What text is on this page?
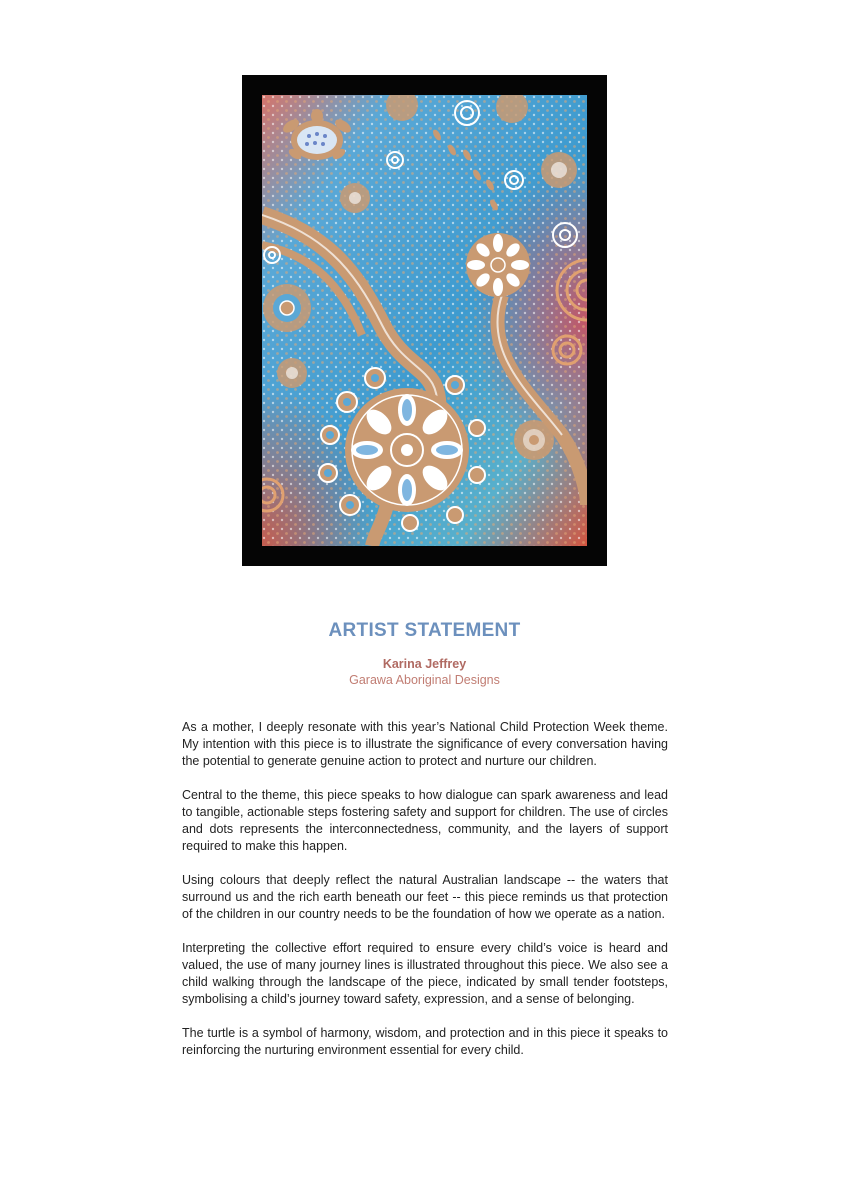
ARTIST STATEMENT
Karina Jeffrey
Garawa Aboriginal Designs

As a mother, I deeply resonate with this year’s National Child Protection Week theme. My intention with this piece is to illustrate the significance of every conversation having the potential to generate genuine action to protect and nurture our children.

Central to the theme, this piece speaks to how dialogue can spark awareness and lead to tangible, actionable steps fostering safety and support for children. The use of circles and dots represents the interconnectedness, community, and the layers of support required to make this happen.

Using colours that deeply reflect the natural Australian landscape -- the waters that surround us and the rich earth beneath our feet -- this piece reminds us that protection of the children in our country needs to be the foundation of how we operate as a nation.

Interpreting the collective effort required to ensure every child’s voice is heard and valued, the use of many journey lines is illustrated throughout this piece. We also see a child walking through the landscape of the piece, indicated by small tender footsteps, symbolising a child’s journey toward safety, expression, and a sense of belonging.

The turtle is a symbol of harmony, wisdom, and protection and in this piece it speaks to reinforcing the nurturing environment essential for every child.
